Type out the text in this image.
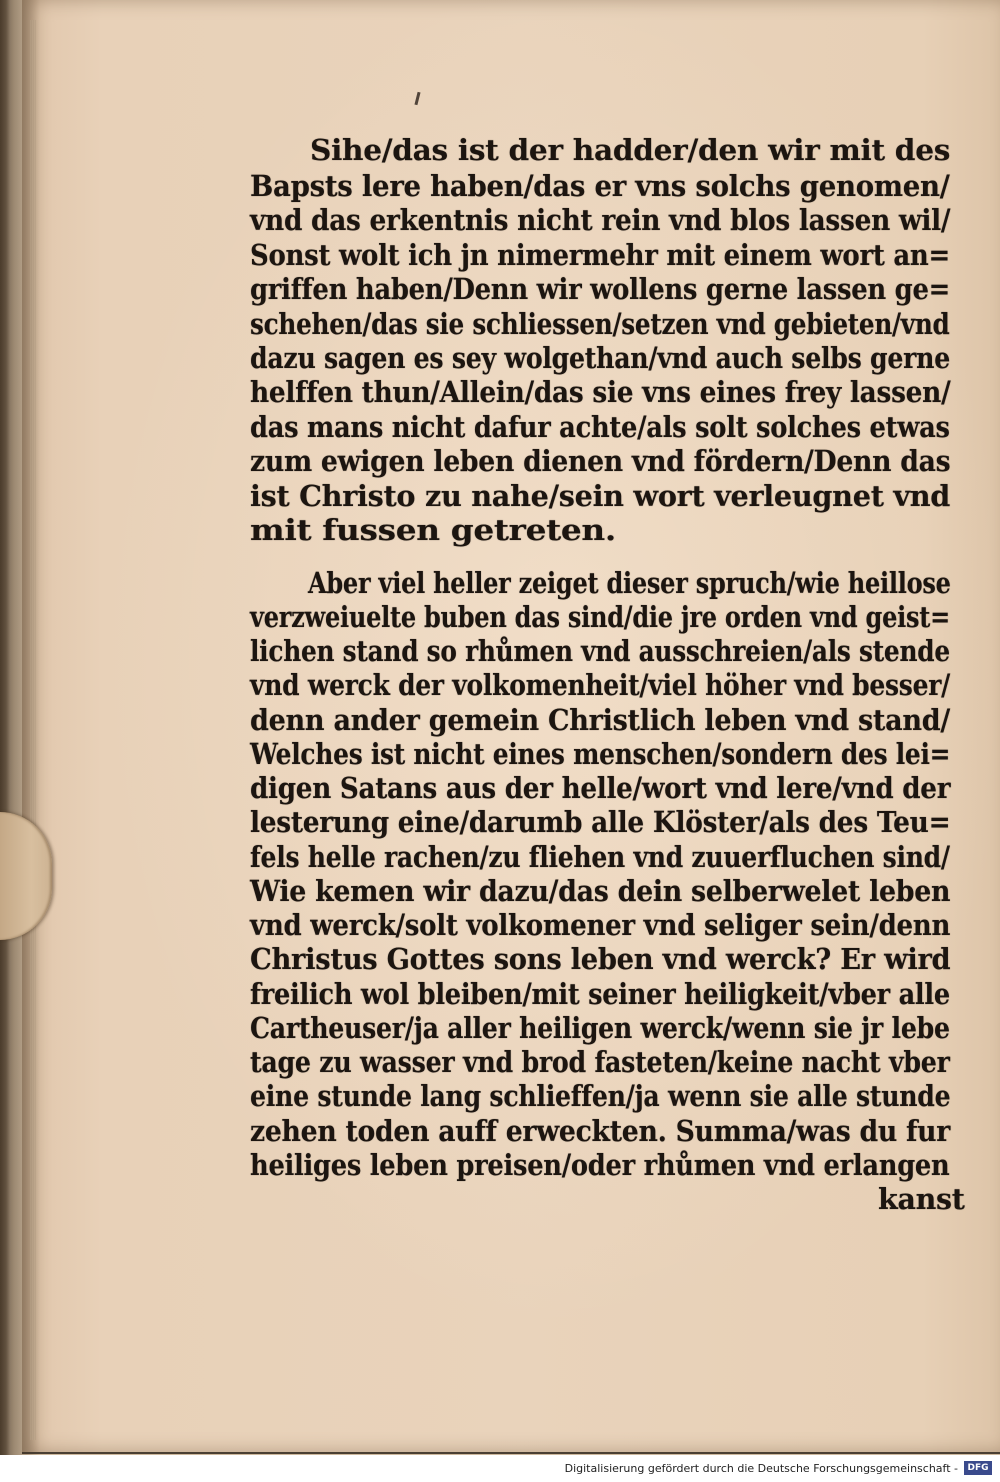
Sihe/das ist der hadder/den wir mit des
Bapsts lere haben/das er vns solchs genomen/
vnd das erkentnis nicht rein vnd blos lassen wil/
Sonst wolt ich jn nimermehr mit einem wort an=
griffen haben/Denn wir wollens gerne lassen ge=
schehen/das sie schliessen/setzen vnd gebieten/vnd
dazu sagen es sey wolgethan/vnd auch selbs gerne
helffen thun/Allein/das sie vns eines frey lassen/
das mans nicht dafur achte/als solt solches etwas
zum ewigen leben dienen vnd fördern/Denn das
ist Christo zu nahe/sein wort verleugnet vnd
mit fussen getreten.
Aber viel heller zeiget dieser spruch/wie heillose
verzweiuelte buben das sind/die jre orden vnd geist=
lichen stand so rhůmen vnd ausschreien/als stende
vnd werck der volkomenheit/viel höher vnd besser/
denn ander gemein Christlich leben vnd stand/
Welches ist nicht eines menschen/sondern des lei=
digen Satans aus der helle/wort vnd lere/vnd der
lesterung eine/darumb alle Klöster/als des Teu=
fels helle rachen/zu fliehen vnd zuuerfluchen sind/
Wie kemen wir dazu/das dein selberwelet leben
vnd werck/solt volkomener vnd seliger sein/denn
Christus Gottes sons leben vnd werck? Er wird
freilich wol bleiben/mit seiner heiligkeit/vber alle
Cartheuser/ja aller heiligen werck/wenn sie jr lebe
tage zu wasser vnd brod fasteten/keine nacht vber
eine stunde lang schlieffen/ja wenn sie alle stunde
zehen toden auff erweckten. Summa/was du fur
heiliges leben preisen/oder rhůmen vnd erlangen
kanst
Digitalisierung gefördert durch die Deutsche Forschungsgemeinschaft -	DFG
